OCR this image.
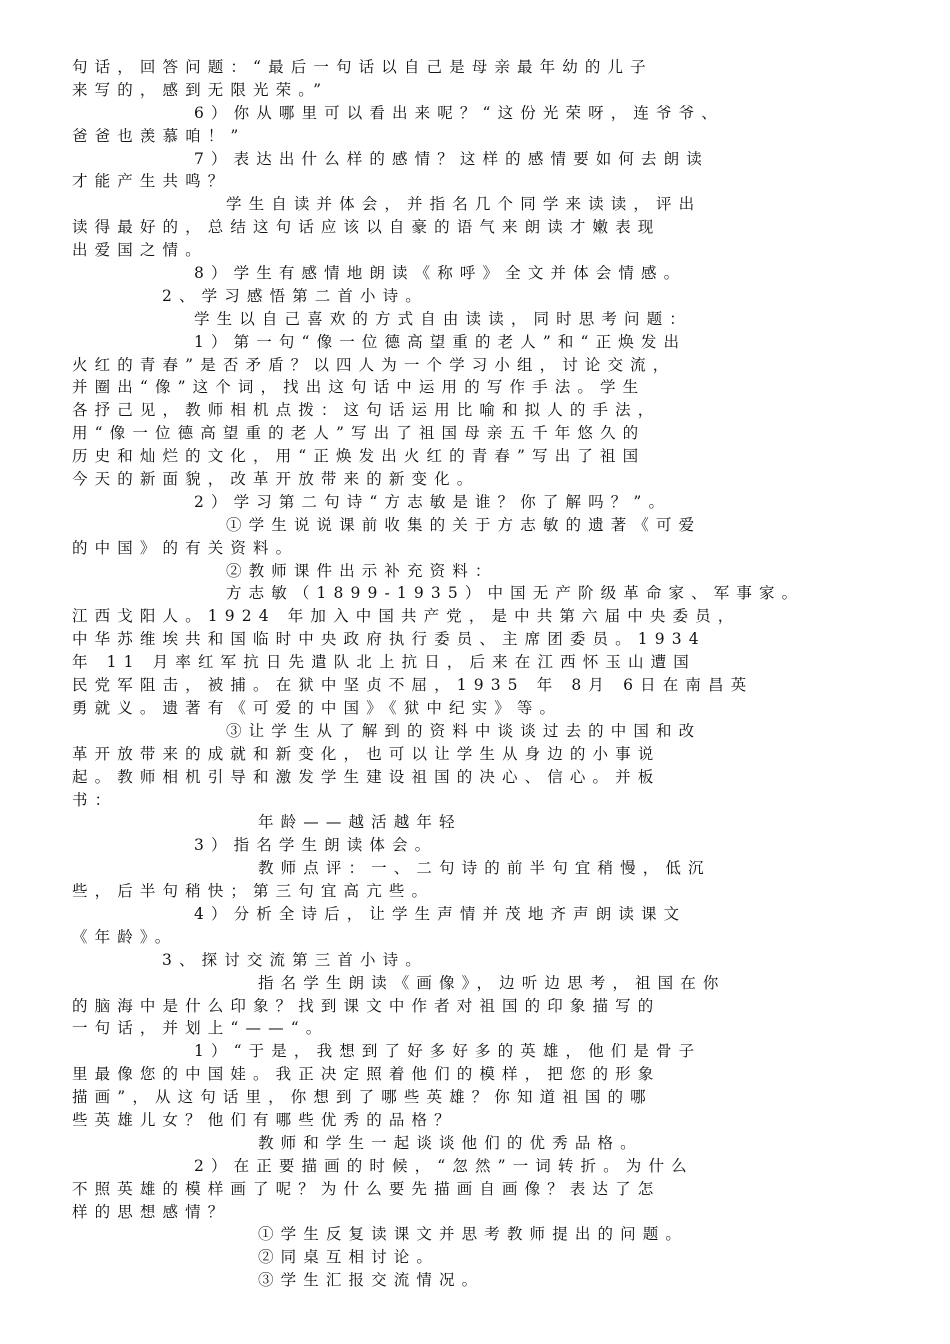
句话，回答问题：“最后一句话以自己是母亲最年幼的儿子
来写的，感到无限光荣。”
6）你从哪里可以看出来呢？“这份光荣呀，连爷爷、
爸爸也羡慕咱！”
7）表达出什么样的感情？这样的感情要如何去朗读
才能产生共鸣？
学生自读并体会，并指名几个同学来读读，评出
读得最好的，总结这句话应该以自豪的语气来朗读才嫩表现
出爱国之情。
8）学生有感情地朗读《称呼》全文并体会情感。
2、学习感悟第二首小诗。
学生以自己喜欢的方式自由读读，同时思考问题：
1）第一句“像一位德高望重的老人”和“正焕发出
火红的青春”是否矛盾？以四人为一个学习小组，讨论交流，
并圈出“像”这个词，找出这句话中运用的写作手法。学生
各抒己见，教师相机点拨：这句话运用比喻和拟人的手法，
用“像一位德高望重的老人”写出了祖国母亲五千年悠久的
历史和灿烂的文化，用“正焕发出火红的青春”写出了祖国
今天的新面貌，改革开放带来的新变化。
2）学习第二句诗“方志敏是谁？你了解吗？”。
①学生说说课前收集的关于方志敏的遗著《可爱
的中国》的有关资料。
②教师课件出示补充资料：
方志敏（1899-1935）中国无产阶级革命家、军事家。
江西戈阳人。1924 年加入中国共产党，是中共第六届中央委员，
中华苏维埃共和国临时中央政府执行委员、主席团委员。1934
年 11 月率红军抗日先遣队北上抗日，后来在江西怀玉山遭国
民党军阻击，被捕。在狱中坚贞不屈，1935 年 8月 6日在南昌英
勇就义。遗著有《可爱的中国》《狱中纪实》等。
③让学生从了解到的资料中谈谈过去的中国和改
革开放带来的成就和新变化，也可以让学生从身边的小事说
起。教师相机引导和激发学生建设祖国的决心、信心。并板
书：
年龄——越活越年轻
3）指名学生朗读体会。
教师点评：一、二句诗的前半句宜稍慢，低沉
些，后半句稍快；第三句宜高亢些。
4）分析全诗后，让学生声情并茂地齐声朗读课文
《年龄》。
3、探讨交流第三首小诗。
指名学生朗读《画像》，边听边思考，祖国在你
的脑海中是什么印象？找到课文中作者对祖国的印象描写的
一句话，并划上“——“。
1）“于是，我想到了好多好多的英雄，他们是骨子
里最像您的中国娃。我正决定照着他们的模样，把您的形象
描画”，从这句话里，你想到了哪些英雄？你知道祖国的哪
些英雄儿女？他们有哪些优秀的品格？
教师和学生一起谈谈他们的优秀品格。
2）在正要描画的时候，“忽然”一词转折。为什么
不照英雄的模样画了呢？为什么要先描画自画像？表达了怎
样的思想感情？
①学生反复读课文并思考教师提出的问题。
②同桌互相讨论。
③学生汇报交流情况。
